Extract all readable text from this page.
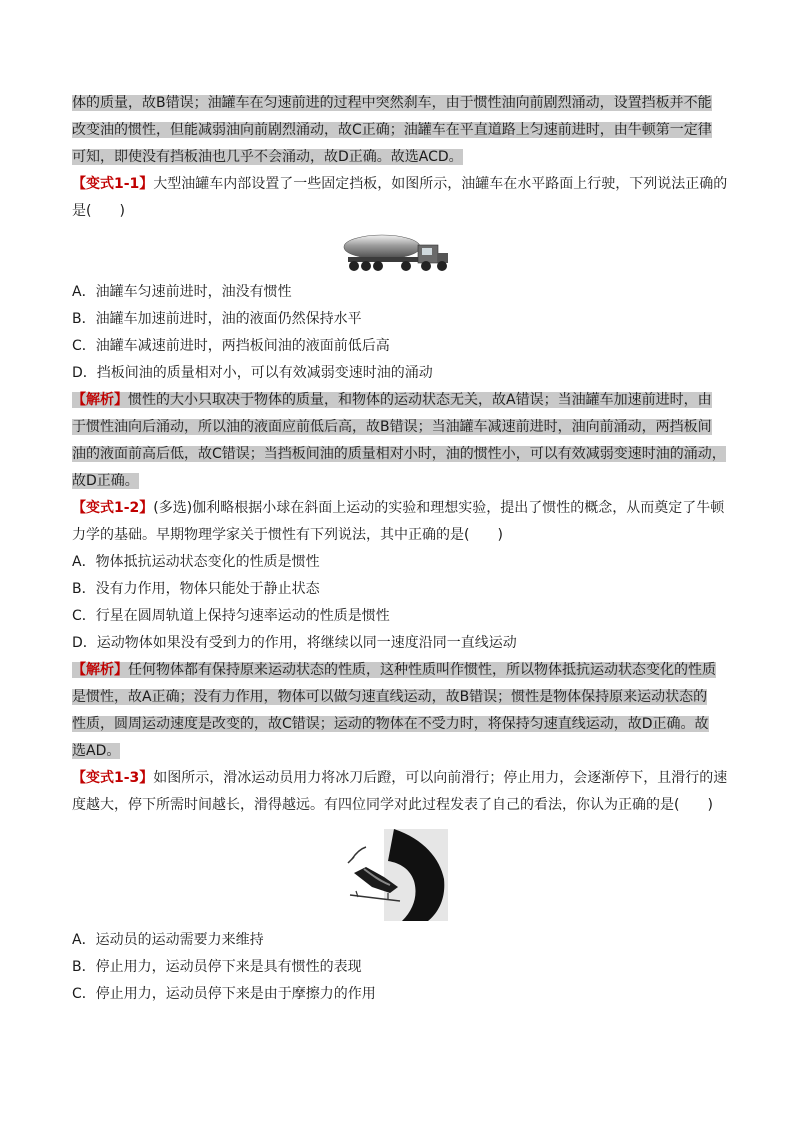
体的质量，故B错误；油罐车在匀速前进的过程中突然刹车，由于惯性油向前剧烈涌动，设置挡板并不能
改变油的惯性，但能减弱油向前剧烈涌动，故C正确；油罐车在平直道路上匀速前进时，由牛顿第一定律
可知，即使没有挡板油也几乎不会涌动，故D正确。故选ACD。
【变式1-1】大型油罐车内部设置了一些固定挡板，如图所示，油罐车在水平路面上行驶，下列说法正确的
是(　　)
A．油罐车匀速前进时，油没有惯性
B．油罐车加速前进时，油的液面仍然保持水平
C．油罐车减速前进时，两挡板间油的液面前低后高
D．挡板间油的质量相对小，可以有效减弱变速时油的涌动
【解析】惯性的大小只取决于物体的质量，和物体的运动状态无关，故A错误；当油罐车加速前进时，由
于惯性油向后涌动，所以油的液面应前低后高，故B错误；当油罐车减速前进时，油向前涌动，两挡板间
油的液面前高后低，故C错误；当挡板间油的质量相对小时，油的惯性小，可以有效减弱变速时油的涌动，
故D正确。
【变式1-2】(多选)伽利略根据小球在斜面上运动的实验和理想实验，提出了惯性的概念，从而奠定了牛顿
力学的基础。早期物理学家关于惯性有下列说法，其中正确的是(　　)
A．物体抵抗运动状态变化的性质是惯性
B．没有力作用，物体只能处于静止状态
C．行星在圆周轨道上保持匀速率运动的性质是惯性
D．运动物体如果没有受到力的作用，将继续以同一速度沿同一直线运动
【解析】任何物体都有保持原来运动状态的性质，这种性质叫作惯性，所以物体抵抗运动状态变化的性质
是惯性，故A正确；没有力作用，物体可以做匀速直线运动，故B错误；惯性是物体保持原来运动状态的
性质，圆周运动速度是改变的，故C错误；运动的物体在不受力时，将保持匀速直线运动，故D正确。故
选AD。
【变式1-3】如图所示，滑冰运动员用力将冰刀后蹬，可以向前滑行；停止用力，会逐渐停下，且滑行的速
度越大，停下所需时间越长，滑得越远。有四位同学对此过程发表了自己的看法，你认为正确的是(　　)
A．运动员的运动需要力来维持
B．停止用力，运动员停下来是具有惯性的表现
C．停止用力，运动员停下来是由于摩擦力的作用
